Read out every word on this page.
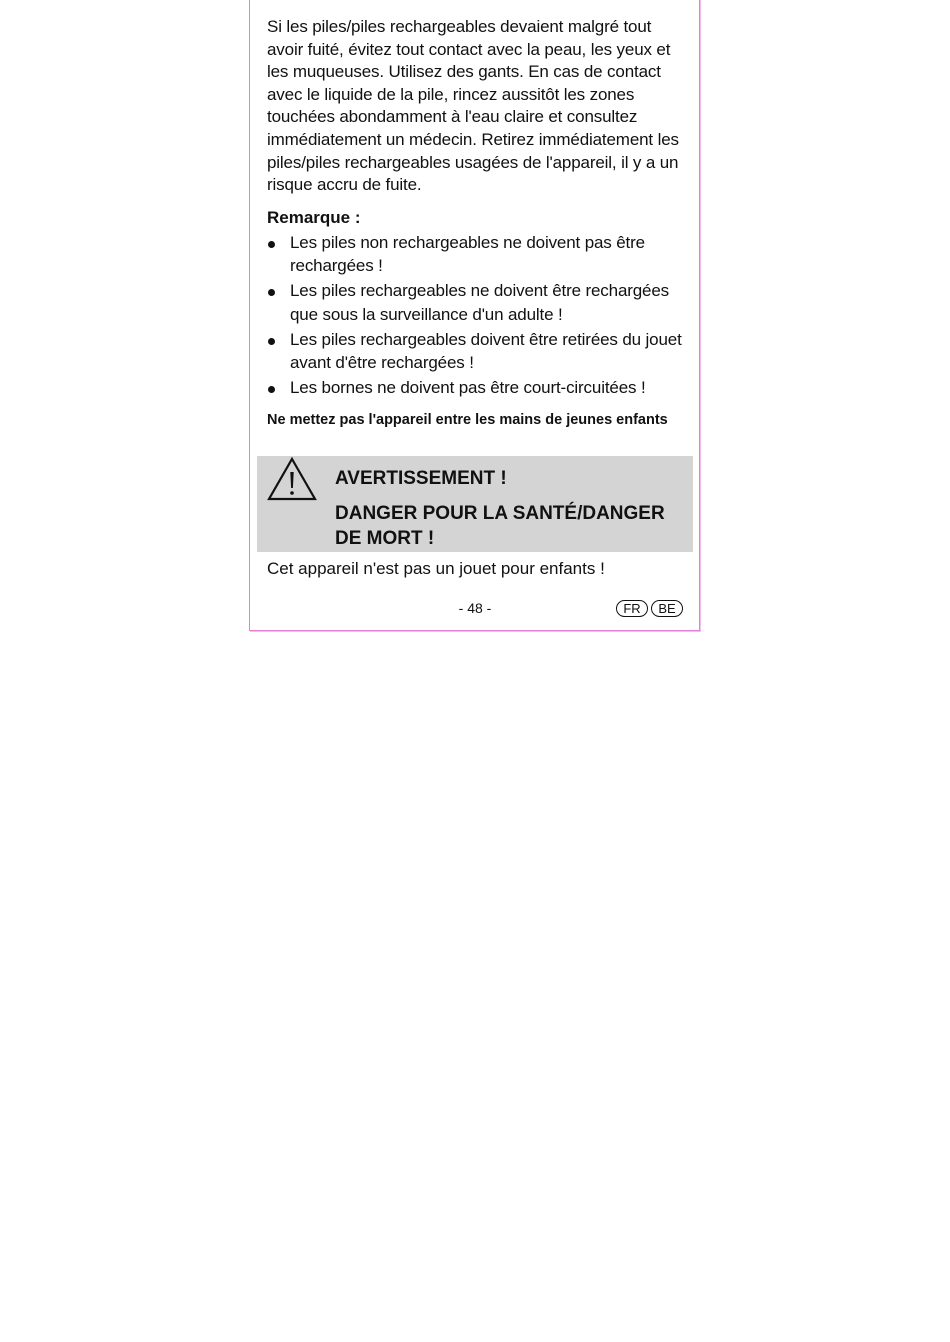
Si les piles/piles rechargeables devaient malgré tout avoir fuité, évitez tout contact avec la peau, les yeux et les muqueuses. Utilisez des gants. En cas de contact avec le liquide de la pile, rincez aussitôt les zones touchées abondamment à l'eau claire et consultez immédiatement un médecin. Retirez immédiatement les piles/piles rechargeables usagées de l'appareil, il y a un risque accru de fuite.

Remarque :
Les piles non rechargeables ne doivent pas être rechargées !
Les piles rechargeables ne doivent être rechargées que sous la surveillance d'un adulte !
Les piles rechargeables doivent être retirées du jouet avant d'être rechargées !
Les bornes ne doivent pas être court-circuitées !
Ne mettez pas l'appareil entre les mains de jeunes enfants

AVERTISSEMENT !

DANGER POUR LA SANTÉ/DANGER DE MORT !

Cet appareil n'est pas un jouet pour enfants !

- 48 -	FR	BE
